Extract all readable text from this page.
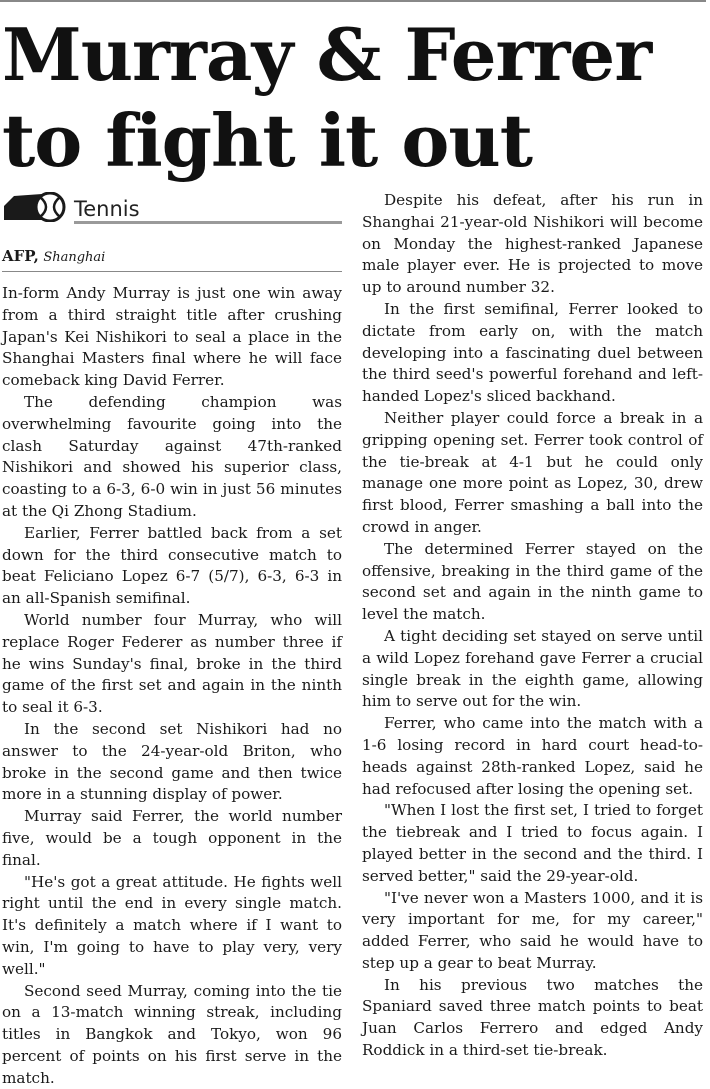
Murray & Ferrer
to fight it out
Tennis
AFP, Shanghai

In-form Andy Murray is just one win away from a third straight title after crushing Japan's Kei Nishikori to seal a place in the Shanghai Masters final where he will face comeback king David Ferrer.

The defending champion was overwhelming favourite going into the clash Saturday against 47th-ranked Nishikori and showed his superior class, coasting to a 6-3, 6-0 win in just 56 minutes at the Qi Zhong Stadium.

Earlier, Ferrer battled back from a set down for the third consecutive match to beat Feliciano Lopez 6-7 (5/7), 6-3, 6-3 in an all-Spanish semifinal.

World number four Murray, who will replace Roger Federer as number three if he wins Sunday's final, broke in the third game of the first set and again in the ninth to seal it 6-3.

In the second set Nishikori had no answer to the 24-year-old Briton, who broke in the second game and then twice more in a stunning display of power.

Murray said Ferrer, the world number five, would be a tough opponent in the final.

"He's got a great attitude. He fights well right until the end in every single match. It's definitely a match where if I want to win, I'm going to have to play very, very well."

Second seed Murray, coming into the tie on a 13-match winning streak, including titles in Bangkok and Tokyo, won 96 percent of points on his first serve in the match.

Despite his defeat, after his run in Shanghai 21-year-old Nishikori will become on Monday the highest-ranked Japanese male player ever. He is projected to move up to around number 32.

In the first semifinal, Ferrer looked to dictate from early on, with the match developing into a fascinating duel between the third seed's powerful forehand and left-handed Lopez's sliced backhand.

Neither player could force a break in a gripping opening set. Ferrer took control of the tie-break at 4-1 but he could only manage one more point as Lopez, 30, drew first blood, Ferrer smashing a ball into the crowd in anger.

The determined Ferrer stayed on the offensive, breaking in the third game of the second set and again in the ninth game to level the match.

A tight deciding set stayed on serve until a wild Lopez forehand gave Ferrer a crucial single break in the eighth game, allowing him to serve out for the win.

Ferrer, who came into the match with a 1-6 losing record in hard court head-to-heads against 28th-ranked Lopez, said he had refocused after losing the opening set.

"When I lost the first set, I tried to forget the tiebreak and I tried to focus again. I played better in the second and the third. I served better," said the 29-year-old.

"I've never won a Masters 1000, and it is very important for me, for my career," added Ferrer, who said he would have to step up a gear to beat Murray.

In his previous two matches the Spaniard saved three match points to beat Juan Carlos Ferrero and edged Andy Roddick in a third-set tie-break.
